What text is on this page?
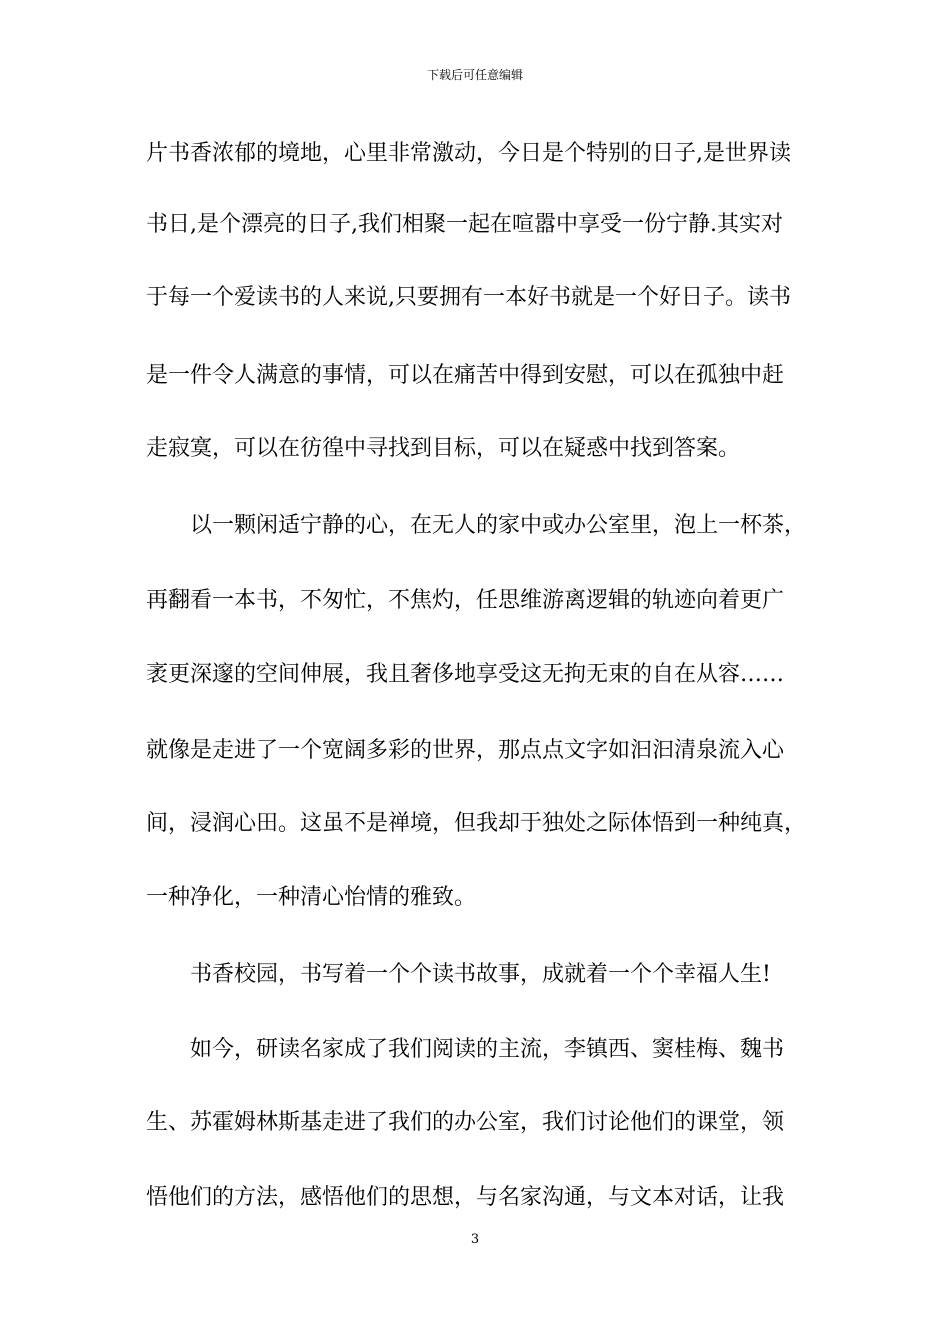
下载后可任意编辑
片书香浓郁的境地，心里非常激动，今日是个特别的日子,是世界读
书日,是个漂亮的日子,我们相聚一起在喧嚣中享受一份宁静.其实对
于每一个爱读书的人来说,只要拥有一本好书就是一个好日子。读书
是一件令人满意的事情，可以在痛苦中得到安慰，可以在孤独中赶
走寂寞，可以在彷徨中寻找到目标，可以在疑惑中找到答案。
以一颗闲适宁静的心，在无人的家中或办公室里，泡上一杯茶，
再翻看一本书，不匆忙，不焦灼，任思维游离逻辑的轨迹向着更广
袤更深邃的空间伸展，我且奢侈地享受这无拘无束的自在从容……
就像是走进了一个宽阔多彩的世界，那点点文字如汩汩清泉流入心
间，浸润心田。这虽不是禅境，但我却于独处之际体悟到一种纯真，
一种净化，一种清心怡情的雅致。
书香校园，书写着一个个读书故事，成就着一个个幸福人生!
如今，研读名家成了我们阅读的主流，李镇西、窦桂梅、魏书
生、苏霍姆林斯基走进了我们的办公室，我们讨论他们的课堂，领
悟他们的方法，感悟他们的思想，与名家沟通，与文本对话，让我
3
